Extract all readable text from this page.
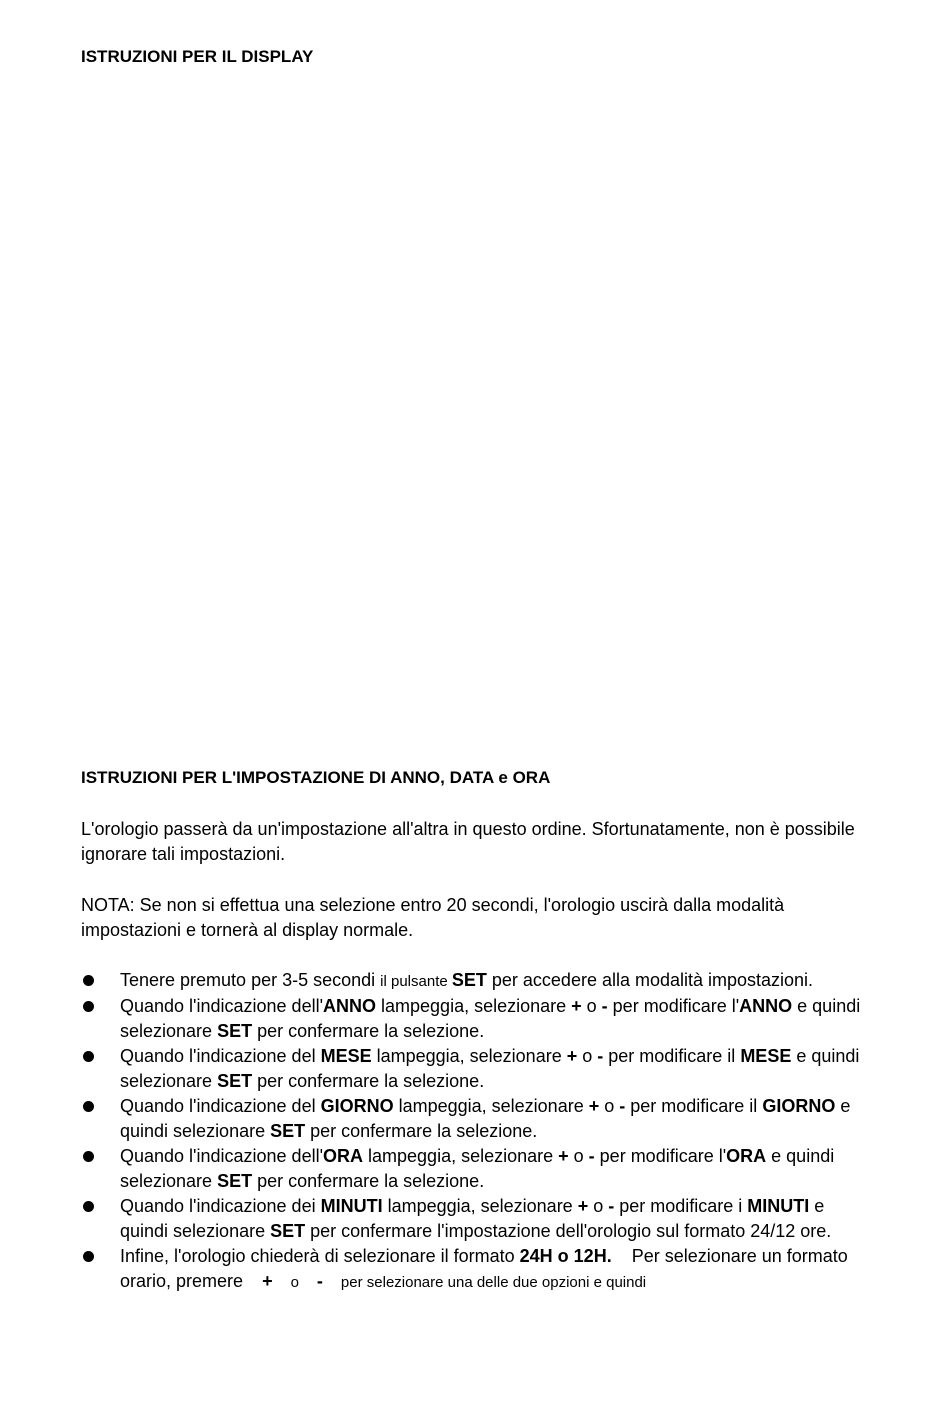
ISTRUZIONI PER IL DISPLAY
ISTRUZIONI PER L'IMPOSTAZIONE DI ANNO, DATA e ORA

L'orologio passerà da un'impostazione all'altra in questo ordine. Sfortunatamente, non è possibile ignorare tali impostazioni.

NOTA: Se non si effettua una selezione entro 20 secondi, l'orologio uscirà dalla modalità impostazioni e tornerà al display normale.

Tenere premuto per 3-5 secondi il pulsante SET per accedere alla modalità impostazioni.
Quando l'indicazione dell'ANNO lampeggia, selezionare + o - per modificare l'ANNO e quindi selezionare SET per confermare la selezione.
Quando l'indicazione del MESE lampeggia, selezionare + o - per modificare il MESE e quindi selezionare SET per confermare la selezione.
Quando l'indicazione del GIORNO lampeggia, selezionare + o - per modificare il GIORNO e quindi selezionare SET per confermare la selezione.
Quando l'indicazione dell'ORA lampeggia, selezionare + o - per modificare l'ORA e quindi selezionare SET per confermare la selezione.
Quando l'indicazione dei MINUTI lampeggia, selezionare + o - per modificare i MINUTI e quindi selezionare SET per confermare l'impostazione dell'orologio sul formato 24/12 ore.
Infine, l'orologio chiederà di selezionare il formato 24H o 12H.    Per selezionare un formato orario, premere + o - per selezionare una delle due opzioni e quindi
